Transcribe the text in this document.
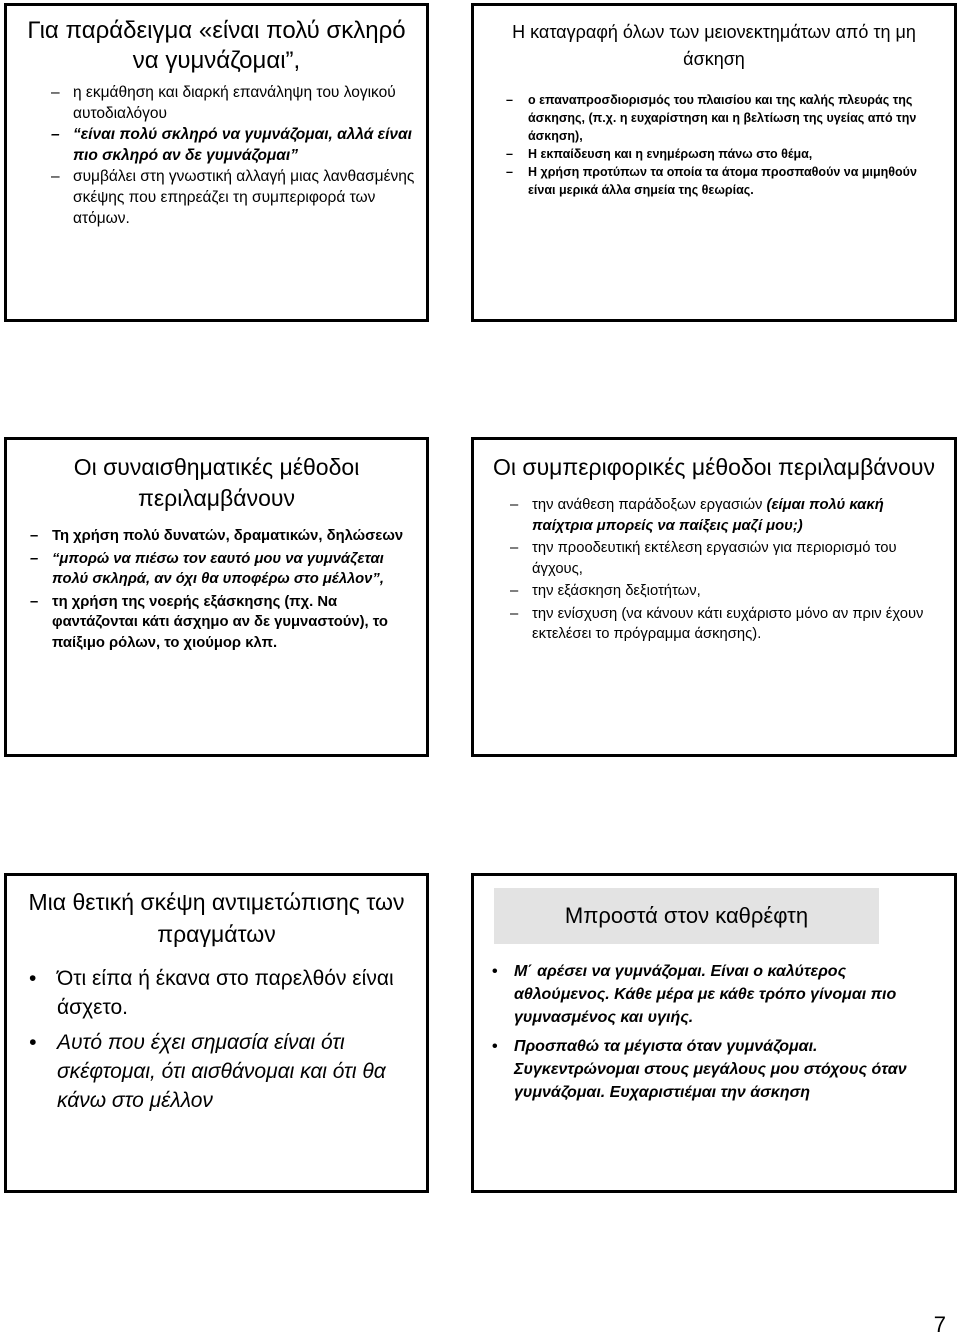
Για παράδειγμα «είναι πολύ σκληρό να γυμνάζομαι”,
– η εκμάθηση και διαρκή επανάληψη του λογικού αυτοδιαλόγου
– “είναι πολύ σκληρό να γυμνάζομαι, αλλά είναι πιο σκληρό αν δε γυμνάζομαι”
– συμβάλει στη γνωστική αλλαγή μιας λανθασμένης σκέψης που επηρεάζει τη συμπεριφορά των ατόμων.
Η καταγραφή όλων των μειονεκτημάτων από τη μη άσκηση
– ο επαναπροσδιορισμός του πλαισίου και της καλής πλευράς της άσκησης, (π.χ. η ευχαρίστηση και η βελτίωση της υγείας από την άσκηση),
– Η εκπαίδευση και η ενημέρωση πάνω στο θέμα,
– Η χρήση προτύπων τα οποία τα άτομα προσπαθούν να μιμηθούν είναι μερικά άλλα σημεία της θεωρίας.
Οι συναισθηματικές μέθοδοι περιλαμβάνουν
– Τη χρήση πολύ δυνατών, δραματικών, δηλώσεων
– “μπορώ να πιέσω τον εαυτό μου να γυμνάζεται πολύ σκληρά, αν όχι θα υποφέρω στο μέλλον”,
– τη χρήση της νοερής εξάσκησης (πχ. Να φαντάζονται κάτι άσχημο αν δε γυμναστούν), το παίξιμο ρόλων, το χιούμορ κλπ.
Οι συμπεριφορικές μέθοδοι περιλαμβάνουν
– την ανάθεση παράδοξων εργασιών (είμαι πολύ κακή παίχτρια μπορείς να παίξεις μαζί μου;)
– την προοδευτική εκτέλεση εργασιών για περιορισμό του άγχους,
– την εξάσκηση δεξιοτήτων,
– την ενίσχυση (να κάνουν κάτι ευχάριστο μόνο αν πριν έχουν εκτελέσει το πρόγραμμα άσκησης).
Μια θετική σκέψη αντιμετώπισης των πραγμάτων
• Ότι είπα ή έκανα στο παρελθόν είναι άσχετο.
• Αυτό που έχει σημασία είναι ότι σκέφτομαι, ότι αισθάνομαι και ότι θα κάνω στο μέλλον
Μπροστά στον καθρέφτη
• Μ΄ αρέσει να γυμνάζομαι. Είναι ο καλύτερος αθλούμενος. Κάθε μέρα με κάθε τρόπο γίνομαι πιο γυμνασμένος και υγιής.
• Προσπαθώ τα μέγιστα όταν γυμνάζομαι. Συγκεντρώνομαι στους μεγάλους μου στόχους όταν γυμνάζομαι. Ευχαριστιέμαι την άσκηση
7
